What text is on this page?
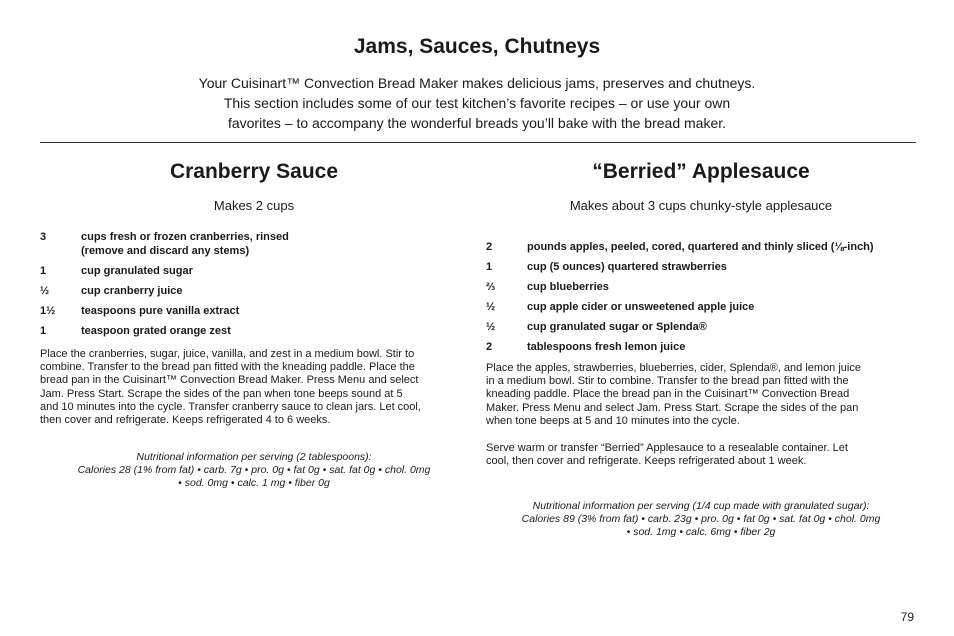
Jams, Sauces, Chutneys
Your Cuisinart™ Convection Bread Maker makes delicious jams, preserves and chutneys.
This section includes some of our test kitchen’s favorite recipes – or use your own
favorites – to accompany the wonderful breads you’ll bake with the bread maker.
Cranberry Sauce
Makes 2 cups
3	cups fresh or frozen cranberries, rinsed
(remove and discard any stems)
1	cup granulated sugar
½	cup cranberry juice
1½	teaspoons pure vanilla extract
1	teaspoon grated orange zest

Place the cranberries, sugar, juice, vanilla, and zest in a medium bowl. Stir to
combine. Transfer to the bread pan fitted with the kneading paddle. Place the
bread pan in the Cuisinart™ Convection Bread Maker. Press Menu and select
Jam. Press Start. Scrape the sides of the pan when tone beeps sound at 5
and 10 minutes into the cycle. Transfer cranberry sauce to clean jars. Let cool,
then cover and refrigerate. Keeps refrigerated 4 to 6 weeks.

Nutritional information per serving (2 tablespoons):
Calories 28 (1% from fat) • carb. 7g • pro. 0g • fat 0g • sat. fat 0g • chol. 0mg
• sod. 0mg • calc. 1 mg • fiber 0g
“Berried” Applesauce
Makes about 3 cups chunky-style applesauce
2	pounds apples, peeled, cored, quartered and thinly sliced (⅛-inch)
1	cup (5 ounces) quartered strawberries
⅔	cup blueberries
½	cup apple cider or unsweetened apple juice
½	cup granulated sugar or Splenda®
2	tablespoons fresh lemon juice

Place the apples, strawberries, blueberries, cider, Splenda®, and lemon juice
in a medium bowl. Stir to combine. Transfer to the bread pan fitted with the
kneading paddle. Place the bread pan in the Cuisinart™ Convection Bread
Maker. Press Menu and select Jam. Press Start. Scrape the sides of the pan
when tone beeps at 5 and 10 minutes into the cycle.

Serve warm or transfer “Berried” Applesauce to a resealable container. Let
cool, then cover and refrigerate. Keeps refrigerated about 1 week.

Nutritional information per serving (1/4 cup made with granulated sugar):
Calories 89 (3% from fat) • carb. 23g • pro. 0g • fat 0g • sat. fat 0g • chol. 0mg
• sod. 1mg • calc. 6mg • fiber 2g
79
